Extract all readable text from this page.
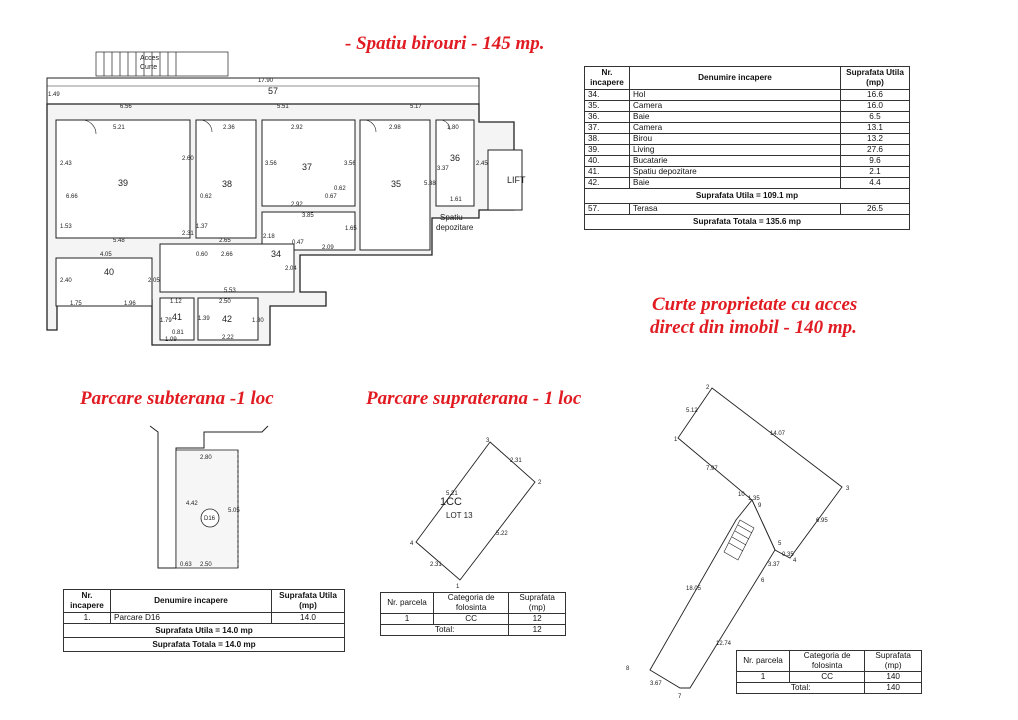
- Spatiu birouri - 145 mp.
Curte proprietate cu acces
direct din imobil - 140 mp.
Parcare subterana -1 loc	Parcare supraterana - 1 loc
Nr. incapere	Denumire incapere	Suprafata Utila (mp)
34.	Hol	16.6
35.	Camera	16.0
36.	Baie	6.5
37.	Camera	13.1
38.	Birou	13.2
39.	Living	27.6
40.	Bucatarie	9.6
41.	Spatiu depozitare	2.1
42.	Baie	4.4
Suprafata Utila = 109.1 mp		
57.	Terasa	26.5
Suprafata Totala = 135.6 mp		
Nr. incapere	Denumire incapere	Suprafata Utila (mp)
1.	Parcare D16	14.0
Suprafata Utila = 14.0 mp		
Suprafata Totala = 14.0 mp		
Nr. parcela	Categoria de folosinta	Suprafata (mp)
1	CC	12
Total:		12
Nr. parcela	Categoria de folosinta	Suprafata (mp)
1	CC	140
Total:		140
Acces
Curte
LIFT
Spatiu
depozitare
57
39	38
37
35
36
40
34
41	42
17.90
6.56	5.51	5.17
5.21	2.36	2.92	2.98	1.80
2.92
3.85
2.09
5.48	2.65
2.66
4.05
1.75	1.96
5.53
1.09	2.22
2.50
1.12
2.43
2.60
3.56	3.56
5.38
2.45
1.61
0.62
0.67
0.47
1.65
2.18
2.04
2.40	2.05
1.37
1.53
6.66
2.31
0.60
1.49
0.62
3.37
1.79	1.39	1.80
0.81
D16
2.80
2.50
4.42
5.05
0.63
3
2
1
4
2.31
5.21
5.22
2.31
1CC
LOT 13
1
2
3
4
5
6
7
8
9
10
5.12
14.07
7.97
6.95
1.35
3.37
0.35
18.05
12.74
3.67
